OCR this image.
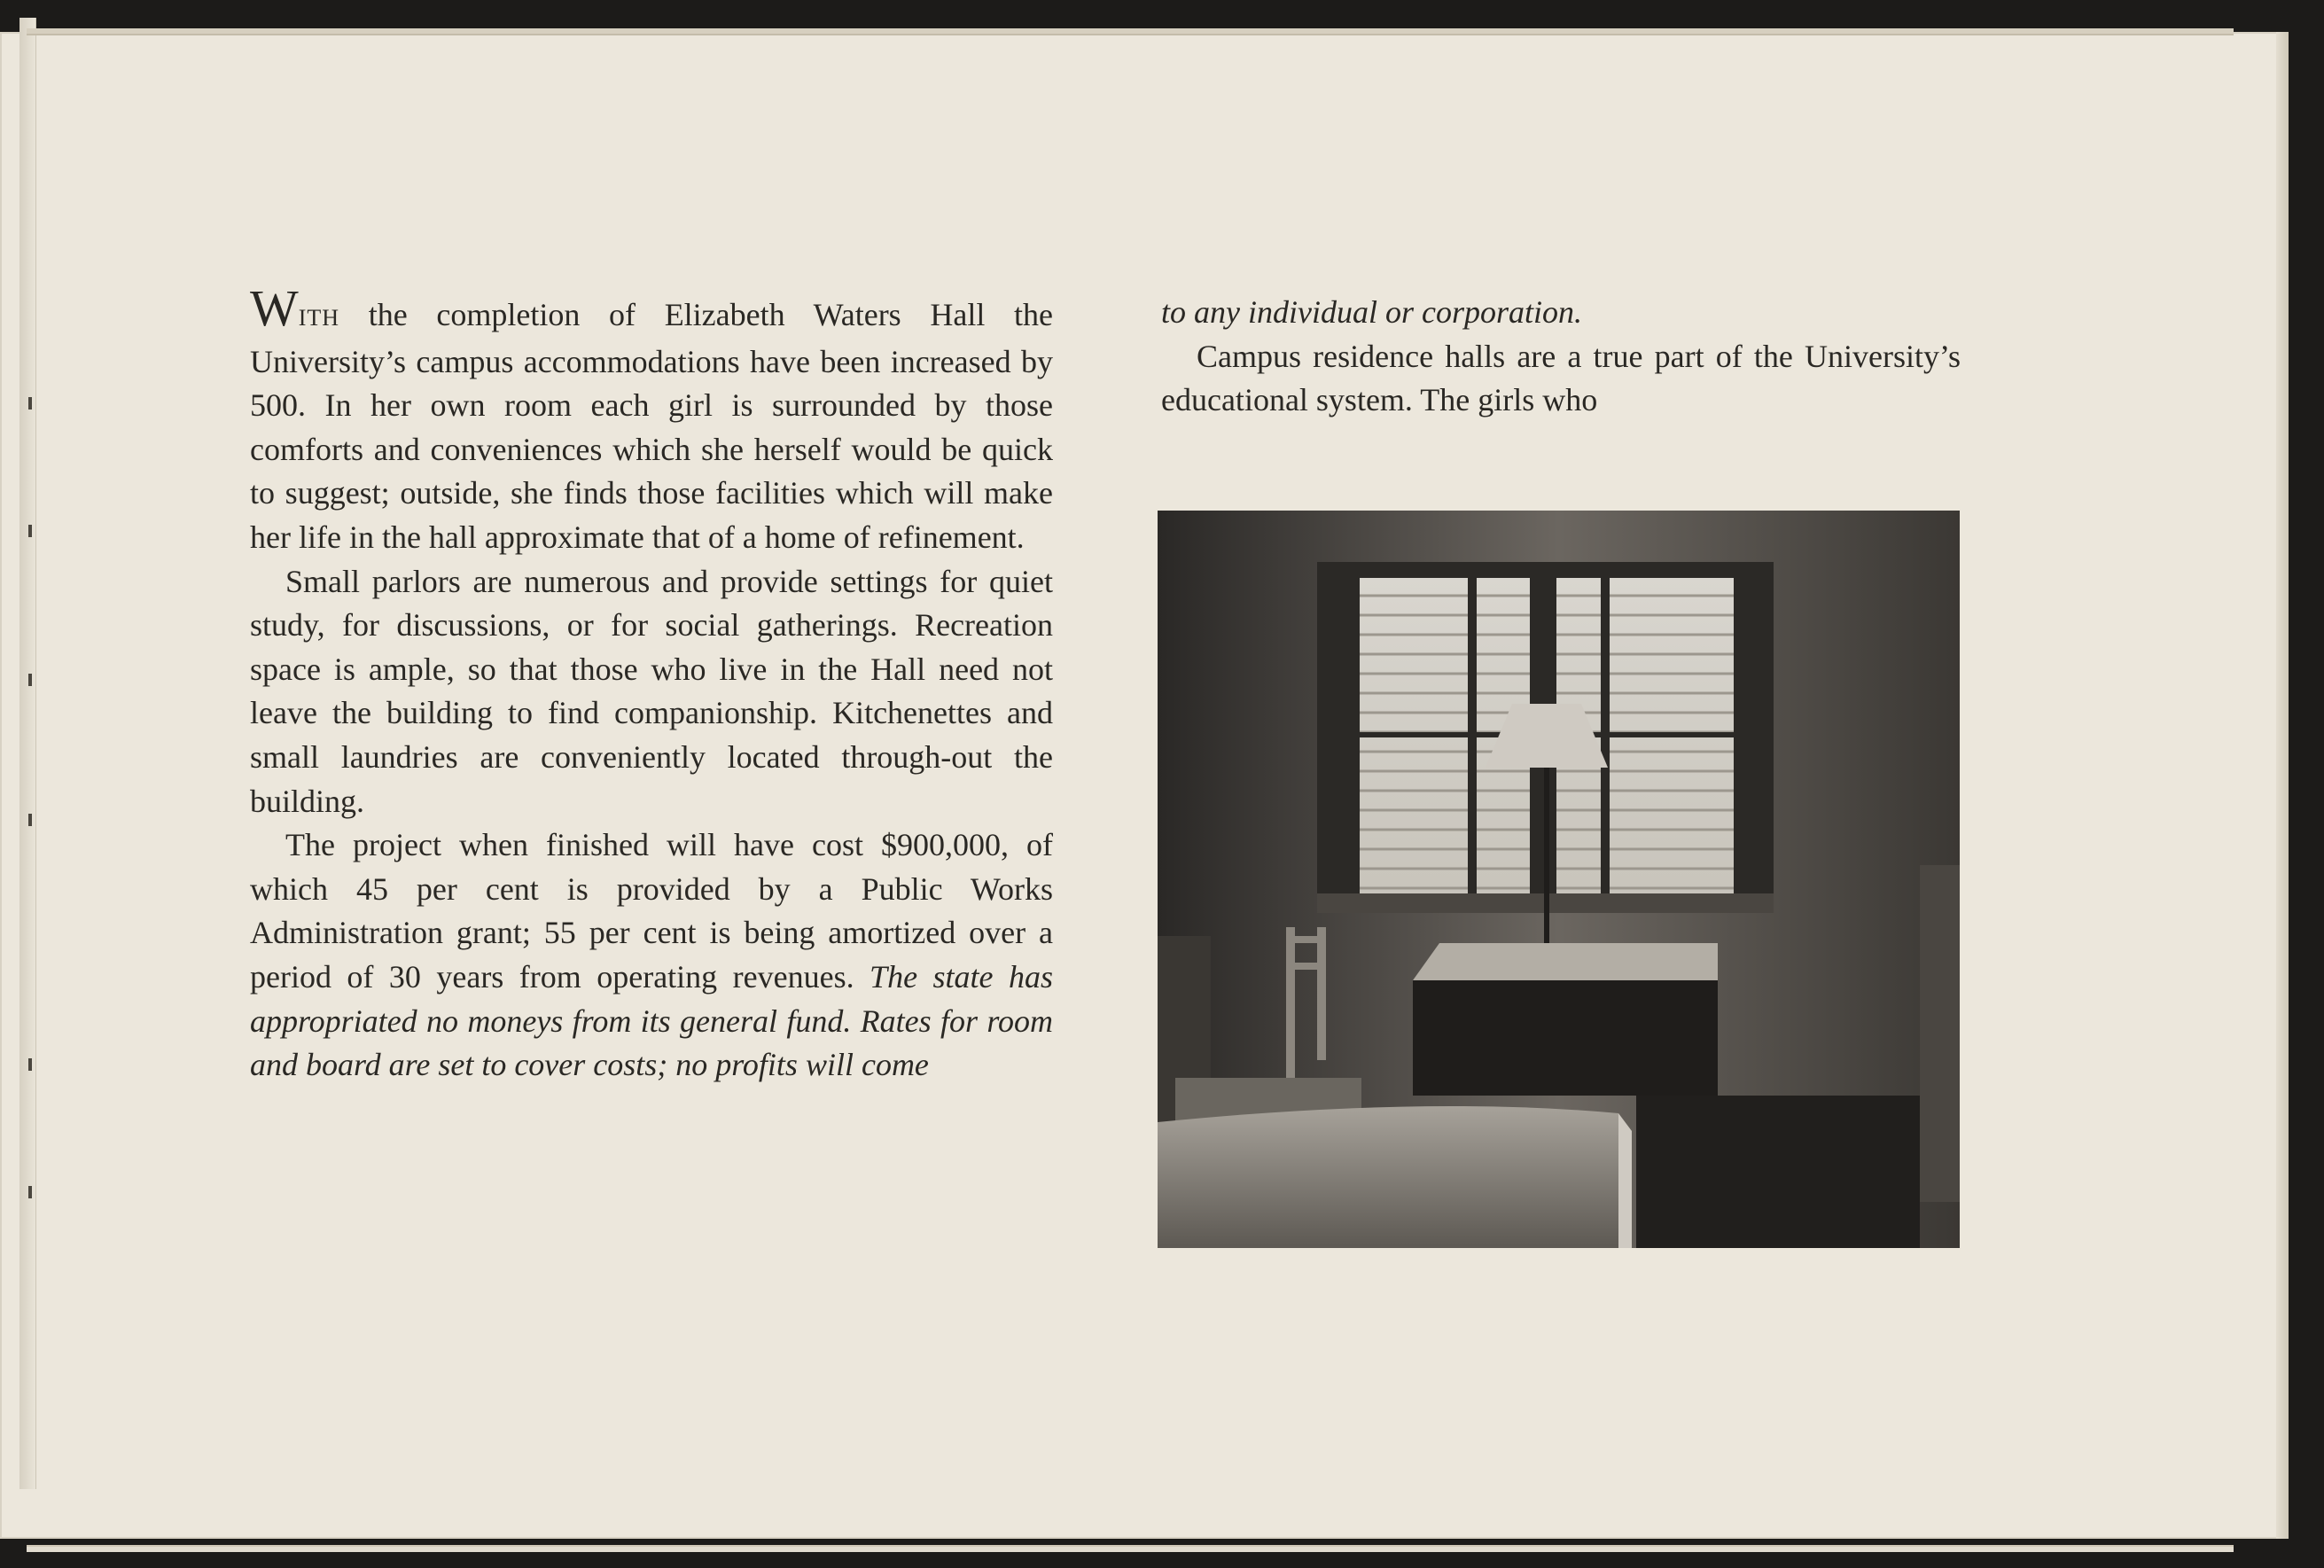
WITH the completion of Elizabeth Waters Hall the University’s campus accommodations have been increased by 500. In her own room each girl is surrounded by those comforts and conveniences which she herself would be quick to suggest; outside, she finds those facilities which will make her life in the hall approximate that of a home of refinement.

Small parlors are numerous and provide settings for quiet study, for discussions, or for social gatherings. Recreation space is ample, so that those who live in the Hall need not leave the building to find companionship. Kitchenettes and small laundries are conveniently located through-out the building.

The project when finished will have cost $900,000, of which 45 per cent is provided by a Public Works Administration grant; 55 per cent is being amortized over a period of 30 years from operating revenues. The state has appropriated no moneys from its general fund. Rates for room and board are set to cover costs; no profits will come

to any individual or corporation.

Campus residence halls are a true part of the University’s educational system. The girls who
